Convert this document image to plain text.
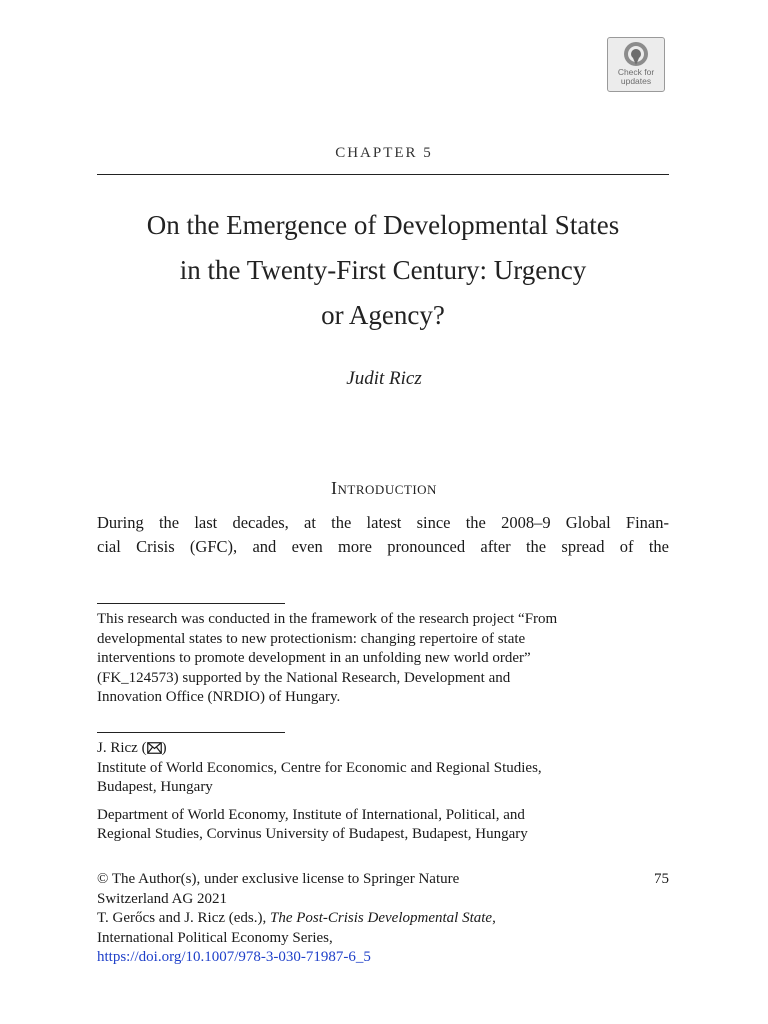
Check for
updates
CHAPTER 5
On the Emergence of Developmental States
in the Twenty-First Century: Urgency
or Agency?
Judit Ricz
Introduction
During the last decades, at the latest since the 2008–9 Global Finan-
cial Crisis (GFC), and even more pronounced after the spread of the
This research was conducted in the framework of the research project “From
developmental states to new protectionism: changing repertoire of state
interventions to promote development in an unfolding new world order”
(FK_124573) supported by the National Research, Development and
Innovation Office (NRDIO) of Hungary.
J. Ricz ( )
Institute of World Economics, Centre for Economic and Regional Studies,
Budapest, Hungary
Department of World Economy, Institute of International, Political, and
Regional Studies, Corvinus University of Budapest, Budapest, Hungary
75
© The Author(s), under exclusive license to Springer Nature
Switzerland AG 2021
T. Gerőcs and J. Ricz (eds.), The Post-Crisis Developmental State,
International Political Economy Series,
https://doi.org/10.1007/978-3-030-71987-6_5
